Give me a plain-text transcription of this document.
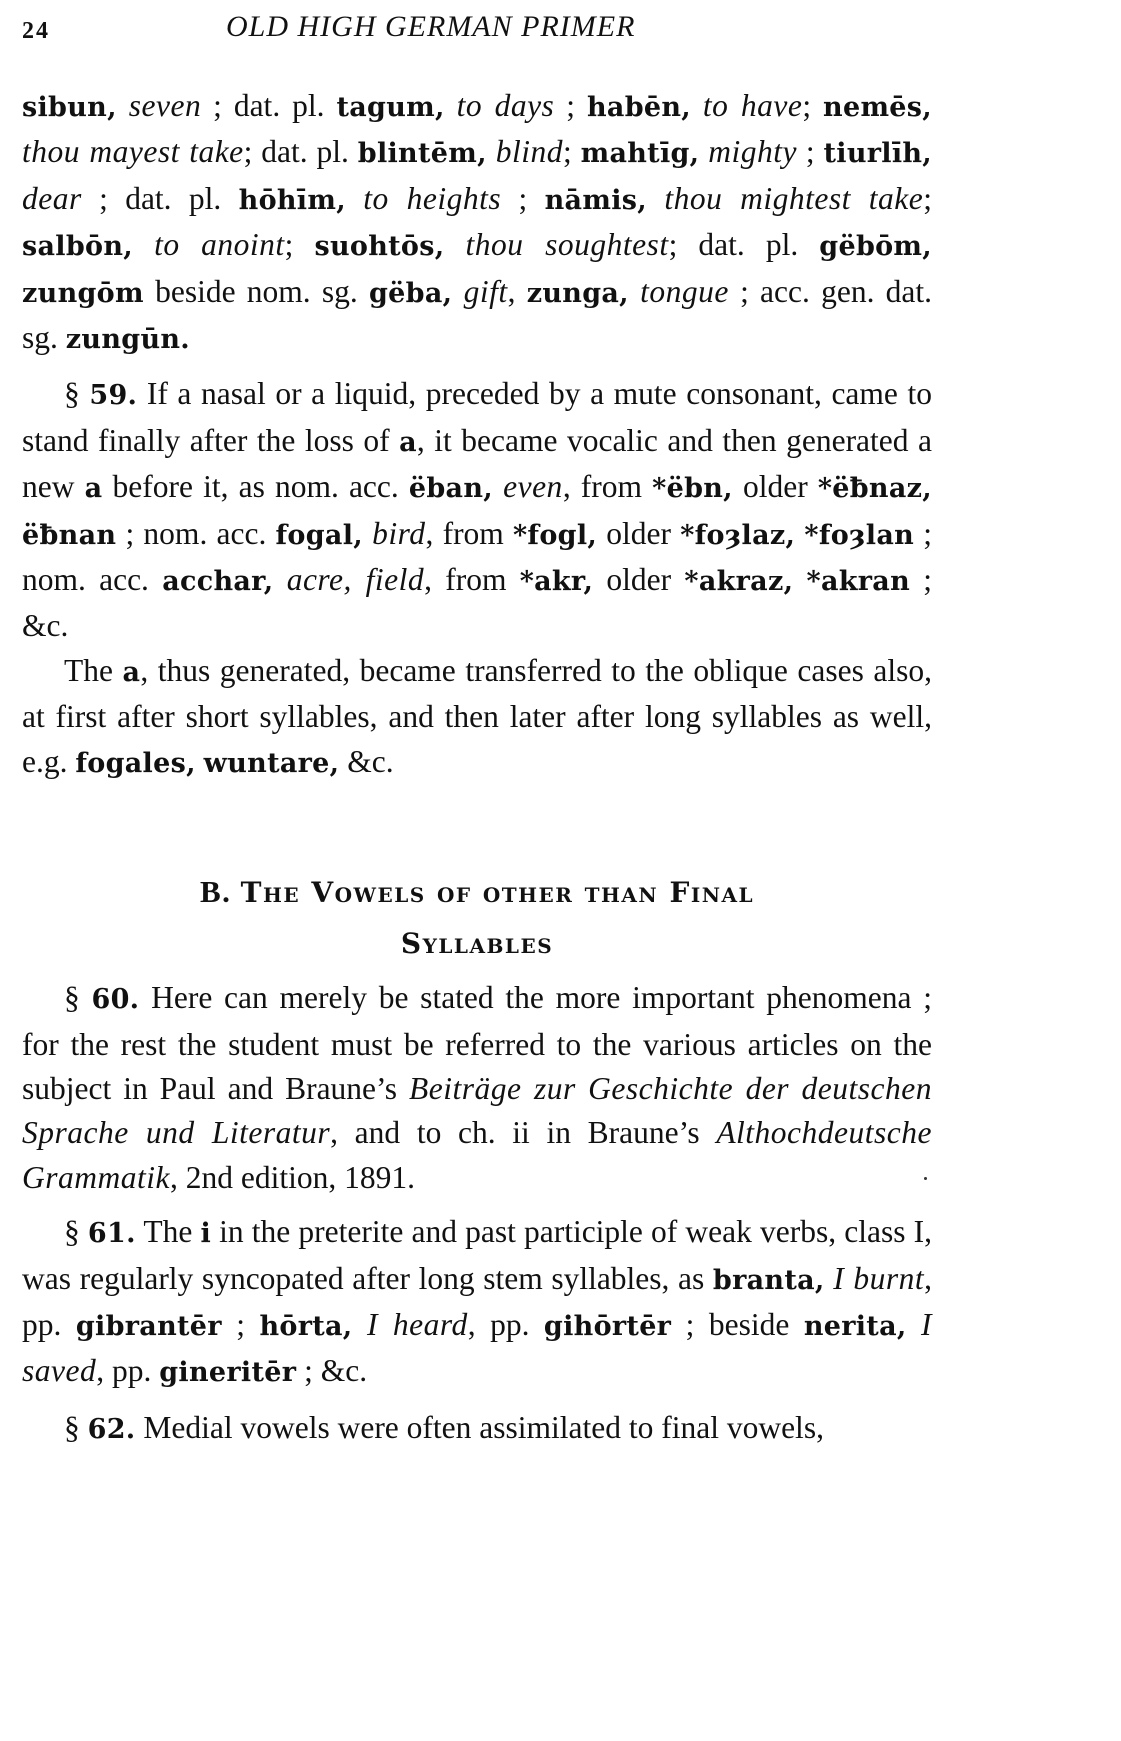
24	OLD HIGH GERMAN PRIMER

sibun, seven ; dat. pl. tagum, to days ; habēn, to have; nemēs, thou mayest take; dat. pl. blintēm, blind; mahtīg, mighty ; tiurlīh, dear ; dat. pl. hōhīm, to heights ; nāmis, thou mightest take; salbōn, to anoint; suohtōs, thou soughtest; dat. pl. gëbōm, zungōm beside nom. sg. gëba, gift, zunga, tongue ; acc. gen. dat. sg. zungūn.

§ 59. If a nasal or a liquid, preceded by a mute consonant, came to stand finally after the loss of a, it became vocalic and then generated a new a before it, as nom. acc. ëban, even, from *ëbn, older *ëƀnaz, ëƀnan ; nom. acc. fogal, bird, from *fogl, older *foȝlaz, *foȝlan ; nom. acc. acchar, acre, field, from *akr, older *akraz, *akran ; &c.

The a, thus generated, became transferred to the oblique cases also, at first after short syllables, and then later after long syllables as well, e.g. fogales, wuntare, &c.

B. The Vowels of other than Final
Syllables

§ 60. Here can merely be stated the more important phenomena ; for the rest the student must be referred to the various articles on the subject in Paul and Braune’s Beiträge zur Geschichte der deutschen Sprache und Literatur, and to ch. ii in Braune’s Althochdeutsche Grammatik, 2nd edition, 1891.

§ 61. The i in the preterite and past participle of weak verbs, class I, was regularly syncopated after long stem syllables, as branta, I burnt, pp. gibrantēr ; hōrta, I heard, pp. gihōrtēr ; beside nerita, I saved, pp. gineritēr ; &c.

§ 62. Medial vowels were often assimilated to final vowels,
